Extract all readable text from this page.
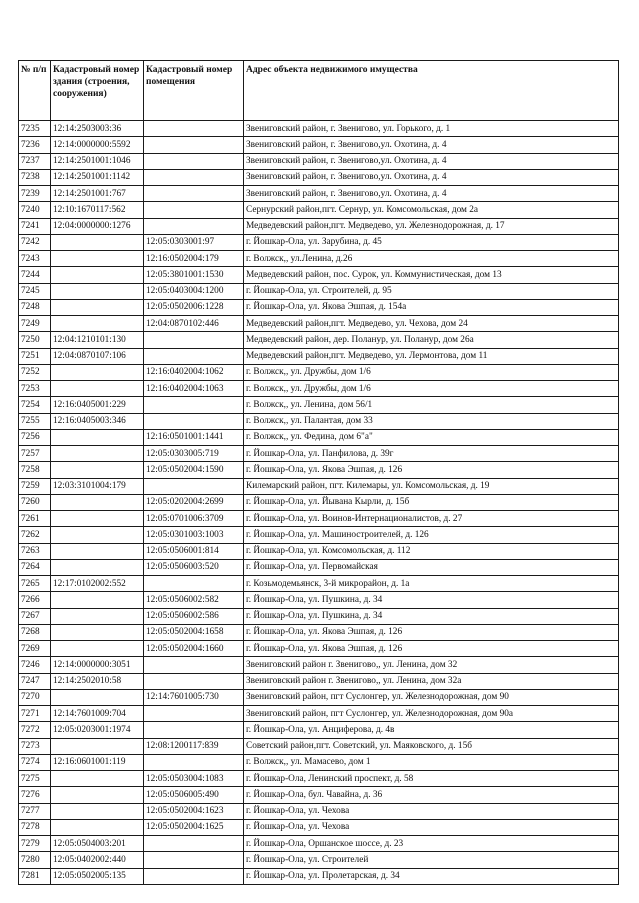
№ п/п	Кадастровый номер здания (строения, сооружения)	Кадастровый номер помещения	Адрес объекта недвижимого имущества
7235	12:14:2503003:36		Звениговский район, г. Звенигово, ул. Горького, д. 1
7236	12:14:0000000:5592		Звениговский район, г. Звенигово,ул. Охотина, д. 4
7237	12:14:2501001:1046		Звениговский район, г. Звенигово,ул. Охотина, д. 4
7238	12:14:2501001:1142		Звениговский район, г. Звенигово,ул. Охотина, д. 4
7239	12:14:2501001:767		Звениговский район, г. Звенигово,ул. Охотина, д. 4
7240	12:10:1670117:562		Сернурский район,пгт. Сернур, ул. Комсомольская, дом 2а
7241	12:04:0000000:1276		Медведевский район,пгт. Медведево, ул. Железнодорожная, д. 17
7242		12:05:0303001:97	г. Йошкар-Ола, ул. Зарубина, д. 45
7243		12:16:0502004:179	г. Волжск,, ул.Ленина, д.26
7244		12:05:3801001:1530	Медведевский район, пос. Сурок, ул. Коммунистическая, дом 13
7245		12:05:0403004:1200	г. Йошкар-Ола, ул. Строителей, д. 95
7248		12:05:0502006:1228	г. Йошкар-Ола, ул. Якова Эшпая, д. 154а
7249		12:04:0870102:446	Медведевский район,пгт. Медведево, ул. Чехова, дом 24
7250	12:04:1210101:130		Медведевский район, дер. Поланур, ул. Поланур, дом 26а
7251	12:04:0870107:106		Медведевский район,пгт. Медведево, ул. Лермонтова, дом 11
7252		12:16:0402004:1062	г. Волжск,, ул. Дружбы, дом 1/6
7253		12:16:0402004:1063	г. Волжск,, ул. Дружбы, дом 1/6
7254	12:16:0405001:229		г. Волжск,, ул. Ленина, дом 56/1
7255	12:16:0405003:346		г. Волжск,, ул. Палантая, дом 33
7256		12:16:0501001:1441	г. Волжск,, ул. Федина, дом 6"а"
7257		12:05:0303005:719	г. Йошкар-Ола, ул. Панфилова, д. 39г
7258		12:05:0502004:1590	г. Йошкар-Ола, ул. Якова Эшпая, д. 126
7259	12:03:3101004:179		Килемарский район, пгт. Килемары, ул. Комсомольская, д. 19
7260		12:05:0202004:2699	г. Йошкар-Ола, ул. Йывана Кырли, д. 15б
7261		12:05:0701006:3709	г. Йошкар-Ола, ул. Воинов-Интернационалистов, д. 27
7262		12:05:0301003:1003	г. Йошкар-Ола, ул. Машиностроителей, д. 126
7263		12:05:0506001:814	г. Йошкар-Ола, ул. Комсомольская, д. 112
7264		12:05:0506003:520	г. Йошкар-Ола, ул. Первомайская
7265	12:17:0102002:552		г. Козьмодемьянск, 3-й микрорайон, д. 1а
7266		12:05:0506002:582	г. Йошкар-Ола, ул. Пушкина, д. 34
7267		12:05:0506002:586	г. Йошкар-Ола, ул. Пушкина, д. 34
7268		12:05:0502004:1658	г. Йошкар-Ола, ул. Якова Эшпая, д. 126
7269		12:05:0502004:1660	г. Йошкар-Ола, ул. Якова Эшпая, д. 126
7246	12:14:0000000:3051		Звениговский район г. Звенигово,, ул. Ленина, дом 32
7247	12:14:2502010:58		Звениговский район г. Звенигово,, ул. Ленина, дом 32а
7270		12:14:7601005:730	Звениговский район, пгт Суслонгер, ул. Железнодорожная, дом 90
7271	12:14:7601009:704		Звениговский район, пгт Суслонгер, ул. Железнодорожная, дом 90а
7272	12:05:0203001:1974		г. Йошкар-Ола, ул. Анциферова, д. 4в
7273		12:08:1200117:839	Советский район,пгт. Советский, ул. Маяковского, д. 15б
7274	12:16:0601001:119		г. Волжск,, ул. Мамасево, дом 1
7275		12:05:0503004:1083	г. Йошкар-Ола, Ленинский проспект, д. 58
7276		12:05:0506005:490	г. Йошкар-Ола, бул. Чавайна, д. 36
7277		12:05:0502004:1623	г. Йошкар-Ола, ул. Чехова
7278		12:05:0502004:1625	г. Йошкар-Ола, ул. Чехова
7279	12:05:0504003:201		г. Йошкар-Ола, Оршанское шоссе, д. 23
7280	12:05:0402002:440		г. Йошкар-Ола, ул. Строителей
7281	12:05:0502005:135		г. Йошкар-Ола, ул. Пролетарская, д. 34
